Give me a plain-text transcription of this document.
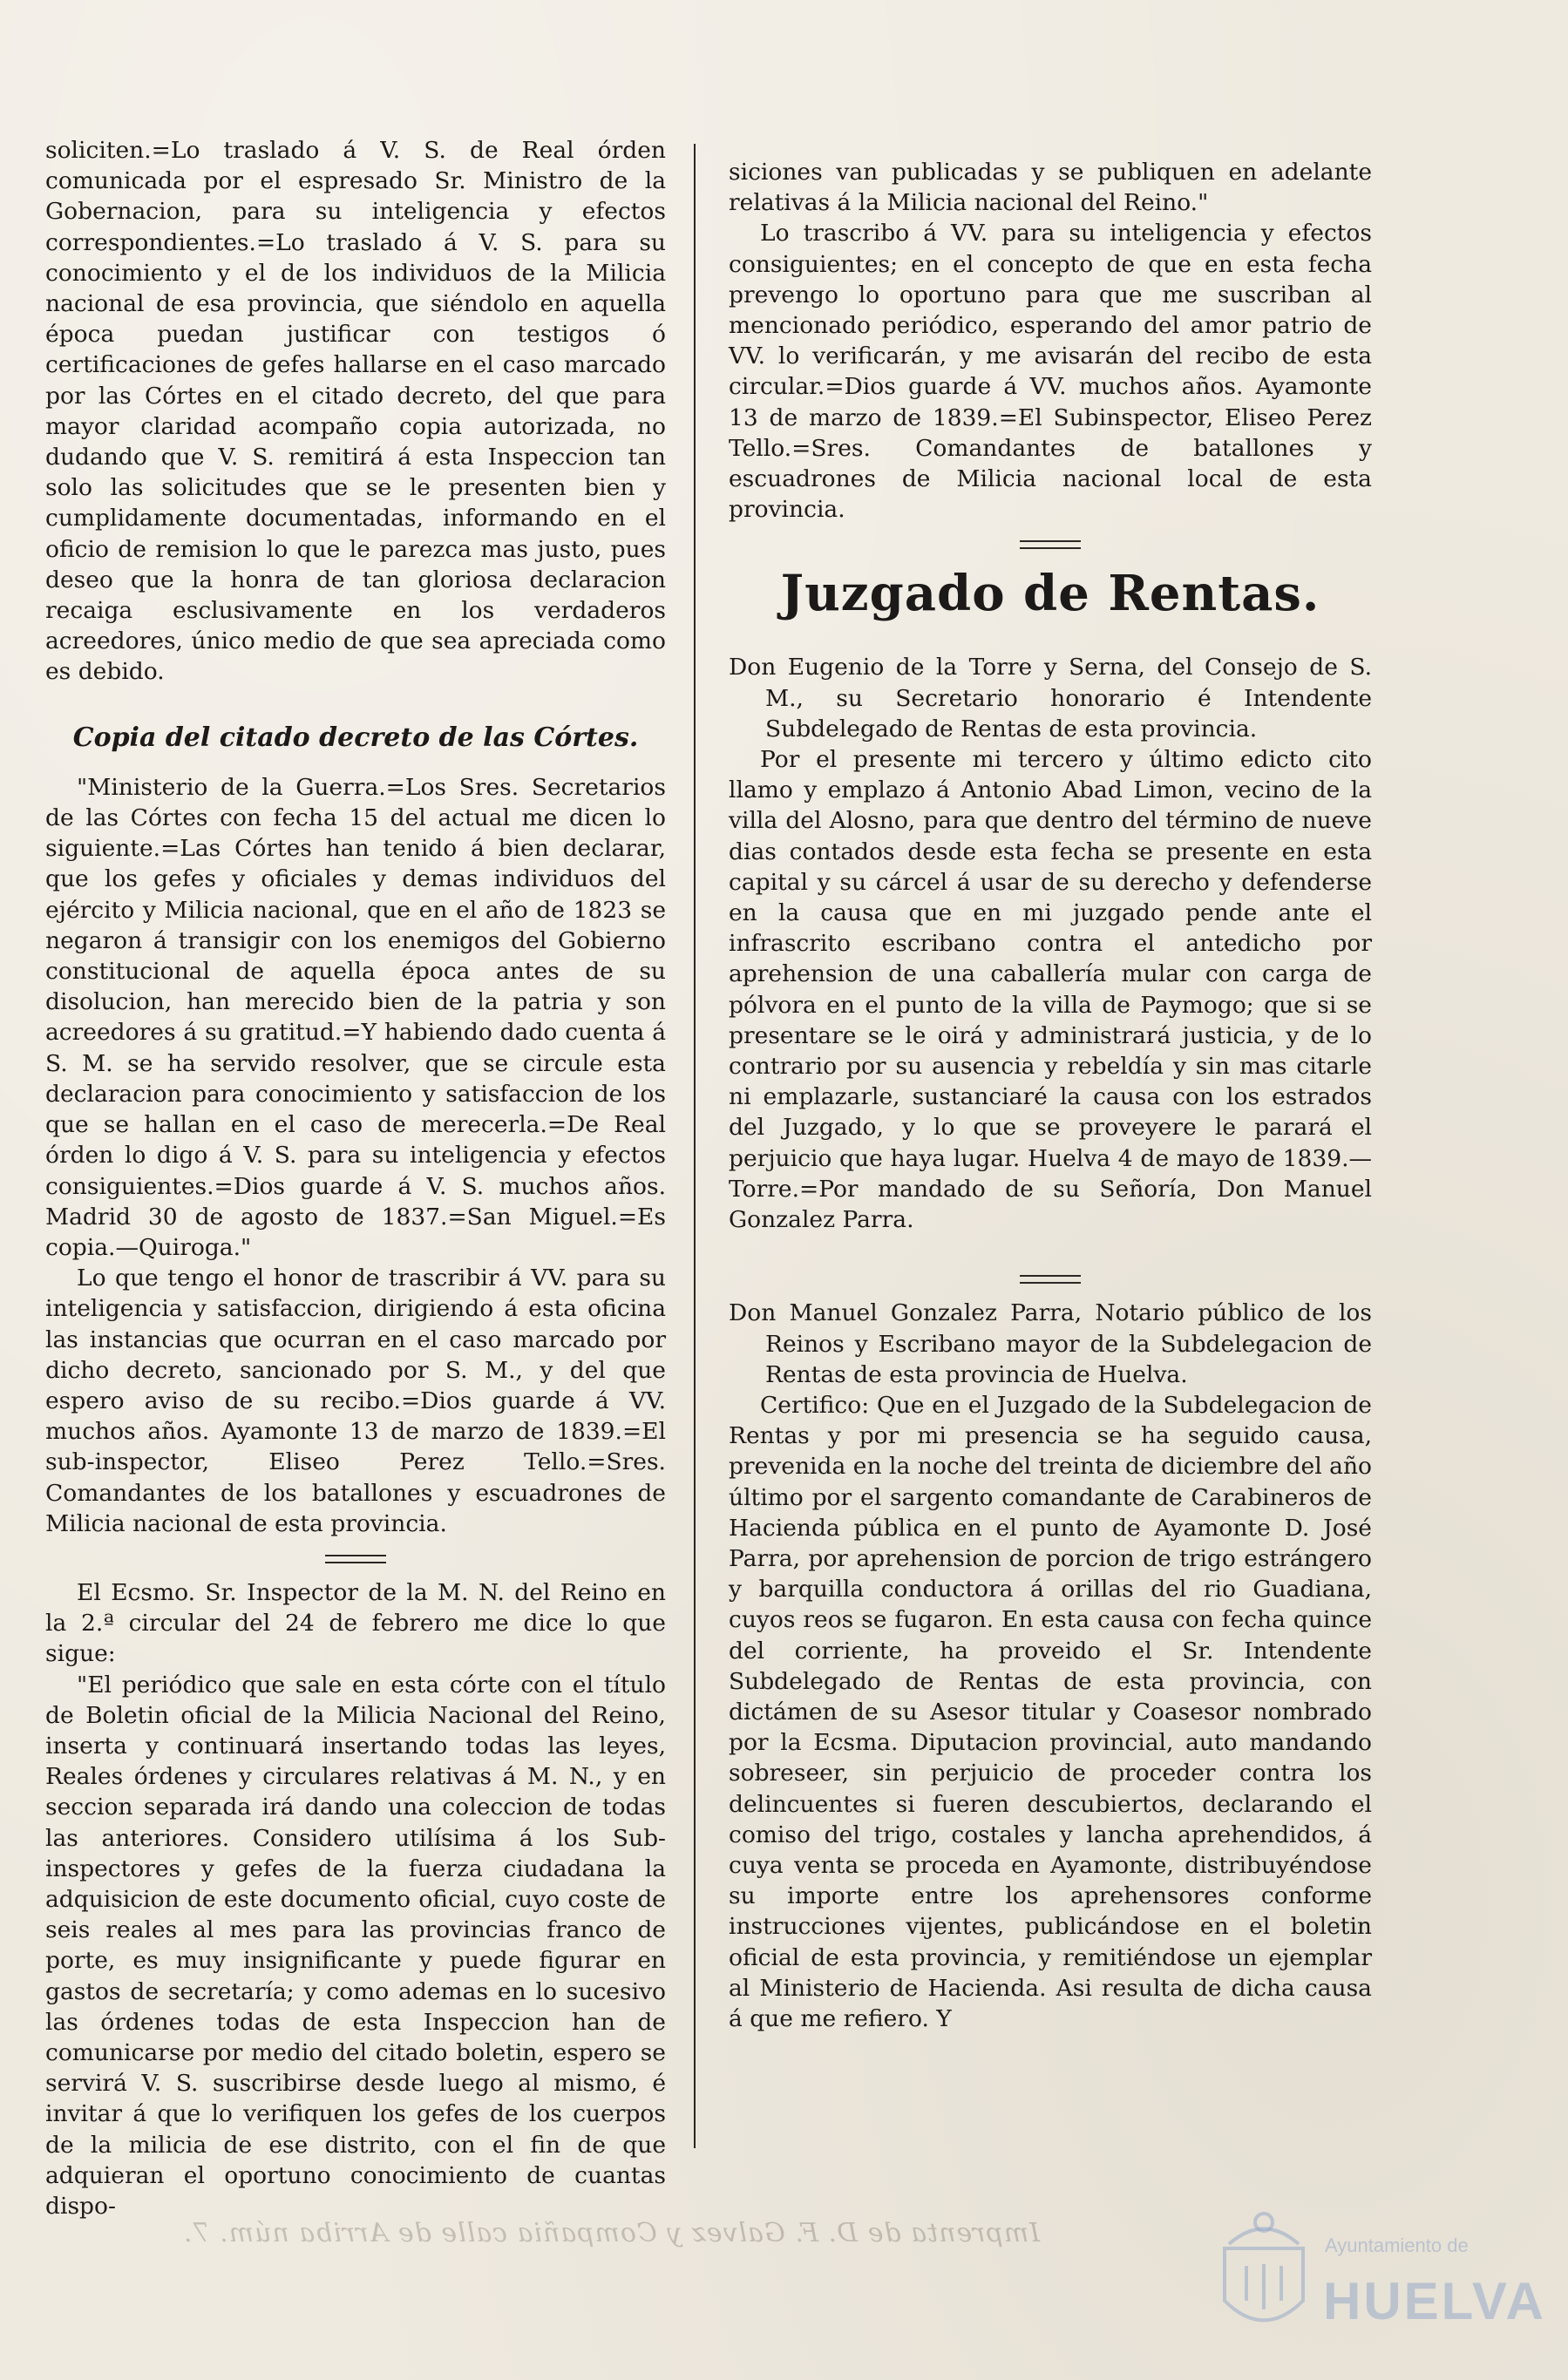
soliciten.=Lo traslado á V. S. de Real órden comunicada por el espresado Sr. Ministro de la Gobernacion, para su inteligencia y efectos correspondientes.=Lo traslado á V. S. para su conocimiento y el de los individuos de la Milicia nacional de esa provincia, que siéndolo en aquella época puedan justificar con testigos ó certificaciones de gefes hallarse en el caso marcado por las Córtes en el citado decreto, del que para mayor claridad acompaño copia autorizada, no dudando que V. S. remitirá á esta Inspeccion tan solo las solicitudes que se le presenten bien y cumplidamente documentadas, informando en el oficio de remision lo que le parezca mas justo, pues deseo que la honra de tan gloriosa declaracion recaiga esclusivamente en los verdaderos acreedores, único medio de que sea apreciada como es debido.

Copia del citado decreto de las Córtes.

"Ministerio de la Guerra.=Los Sres. Secretarios de las Córtes con fecha 15 del actual me dicen lo siguiente.=Las Córtes han tenido á bien declarar, que los gefes y oficiales y demas individuos del ejército y Milicia nacional, que en el año de 1823 se negaron á transigir con los enemigos del Gobierno constitucional de aquella época antes de su disolucion, han merecido bien de la patria y son acreedores á su gratitud.=Y habiendo dado cuenta á S. M. se ha servido resolver, que se circule esta declaracion para conocimiento y satisfaccion de los que se hallan en el caso de merecerla.=De Real órden lo digo á V. S. para su inteligencia y efectos consiguientes.=Dios guarde á V. S. muchos años. Madrid 30 de agosto de 1837.=San Miguel.=Es copia.—Quiroga."

Lo que tengo el honor de trascribir á VV. para su inteligencia y satisfaccion, dirigiendo á esta oficina las instancias que ocurran en el caso marcado por dicho decreto, sancionado por S. M., y del que espero aviso de su recibo.=Dios guarde á VV. muchos años. Ayamonte 13 de marzo de 1839.=El sub-inspector, Eliseo Perez Tello.=Sres. Comandantes de los batallones y escuadrones de Milicia nacional de esta provincia.

El Ecsmo. Sr. Inspector de la M. N. del Reino en la 2.ª circular del 24 de febrero me dice lo que sigue:

"El periódico que sale en esta córte con el título de Boletin oficial de la Milicia Nacional del Reino, inserta y continuará insertando todas las leyes, Reales órdenes y circulares relativas á M. N., y en seccion separada irá dando una coleccion de todas las anteriores. Considero utilísima á los Sub-inspectores y gefes de la fuerza ciudadana la adquisicion de este documento oficial, cuyo coste de seis reales al mes para las provincias franco de porte, es muy insignificante y puede figurar en gastos de secretaría; y como ademas en lo sucesivo las órdenes todas de esta Inspeccion han de comunicarse por medio del citado boletin, espero se servirá V. S. suscribirse desde luego al mismo, é invitar á que lo verifiquen los gefes de los cuerpos de la milicia de ese distrito, con el fin de que adquieran el oportuno conocimiento de cuantas dispo-

siciones van publicadas y se publiquen en adelante relativas á la Milicia nacional del Reino."

Lo trascribo á VV. para su inteligencia y efectos consiguientes; en el concepto de que en esta fecha prevengo lo oportuno para que me suscriban al mencionado periódico, esperando del amor patrio de VV. lo verificarán, y me avisarán del recibo de esta circular.=Dios guarde á VV. muchos años. Ayamonte 13 de marzo de 1839.=El Subinspector, Eliseo Perez Tello.=Sres. Comandantes de batallones y escuadrones de Milicia nacional local de esta provincia.

Juzgado de Rentas.

Don Eugenio de la Torre y Serna, del Consejo de S. M., su Secretario honorario é Intendente Subdelegado de Rentas de esta provincia.

Por el presente mi tercero y último edicto cito llamo y emplazo á Antonio Abad Limon, vecino de la villa del Alosno, para que dentro del término de nueve dias contados desde esta fecha se presente en esta capital y su cárcel á usar de su derecho y defenderse en la causa que en mi juzgado pende ante el infrascrito escribano contra el antedicho por aprehension de una caballería mular con carga de pólvora en el punto de la villa de Paymogo; que si se presentare se le oirá y administrará justicia, y de lo contrario por su ausencia y rebeldía y sin mas citarle ni emplazarle, sustanciaré la causa con los estrados del Juzgado, y lo que se proveyere le parará el perjuicio que haya lugar. Huelva 4 de mayo de 1839.—Torre.=Por mandado de su Señoría, Don Manuel Gonzalez Parra.

Don Manuel Gonzalez Parra, Notario público de los Reinos y Escribano mayor de la Subdelegacion de Rentas de esta provincia de Huelva.

Certifico: Que en el Juzgado de la Subdelegacion de Rentas y por mi presencia se ha seguido causa, prevenida en la noche del treinta de diciembre del año último por el sargento comandante de Carabineros de Hacienda pública en el punto de Ayamonte D. José Parra, por aprehension de porcion de trigo estrángero y barquilla conductora á orillas del rio Guadiana, cuyos reos se fugaron. En esta causa con fecha quince del corriente, ha proveido el Sr. Intendente Subdelegado de Rentas de esta provincia, con dictámen de su Asesor titular y Coasesor nombrado por la Ecsma. Diputacion provincial, auto mandando sobreseer, sin perjuicio de proceder contra los delincuentes si fueren descubiertos, declarando el comiso del trigo, costales y lancha aprehendidos, á cuya venta se proceda en Ayamonte, distribuyéndose su importe entre los aprehensores conforme instrucciones vijentes, publicándose en el boletin oficial de esta provincia, y remitiéndose un ejemplar al Ministerio de Hacienda. Asi resulta de dicha causa á que me refiero. Y

Imprenta de D. F. Galvez y Compañia calle de Arriba núm. 7.	Ayuntamiento de
HUELVA
